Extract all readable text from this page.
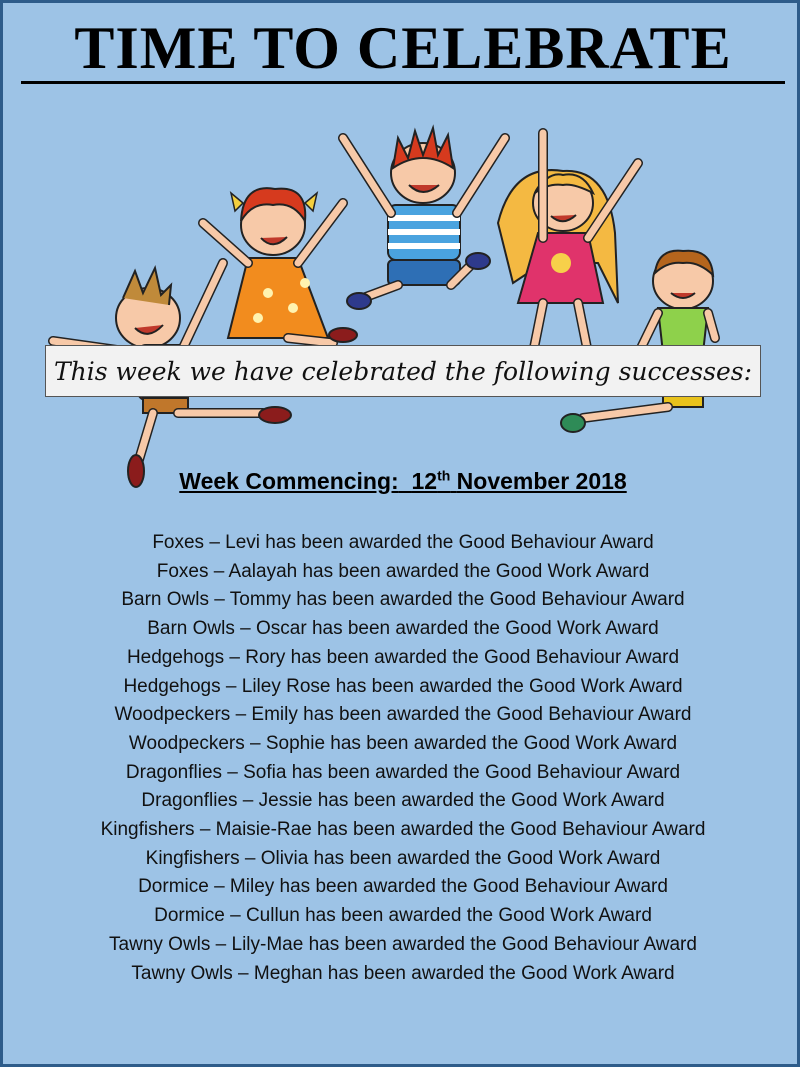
TIME TO CELEBRATE
This week we have celebrated the following successes:
Week Commencing: 12th November 2018
Foxes – Levi has been awarded the Good Behaviour Award
Foxes – Aalayah has been awarded the Good Work Award
Barn Owls – Tommy has been awarded the Good Behaviour Award
Barn Owls – Oscar has been awarded the Good Work Award
Hedgehogs – Rory has been awarded the Good Behaviour Award
Hedgehogs – Liley Rose has been awarded the Good Work Award
Woodpeckers – Emily has been awarded the Good Behaviour Award
Woodpeckers – Sophie has been awarded the Good Work Award
Dragonflies – Sofia has been awarded the Good Behaviour Award
Dragonflies – Jessie has been awarded the Good Work Award
Kingfishers – Maisie-Rae has been awarded the Good Behaviour Award
Kingfishers – Olivia has been awarded the Good Work Award
Dormice – Miley has been awarded the Good Behaviour Award
Dormice – Cullun has been awarded the Good Work Award
Tawny Owls – Lily-Mae has been awarded the Good Behaviour Award
Tawny Owls – Meghan has been awarded the Good Work Award
